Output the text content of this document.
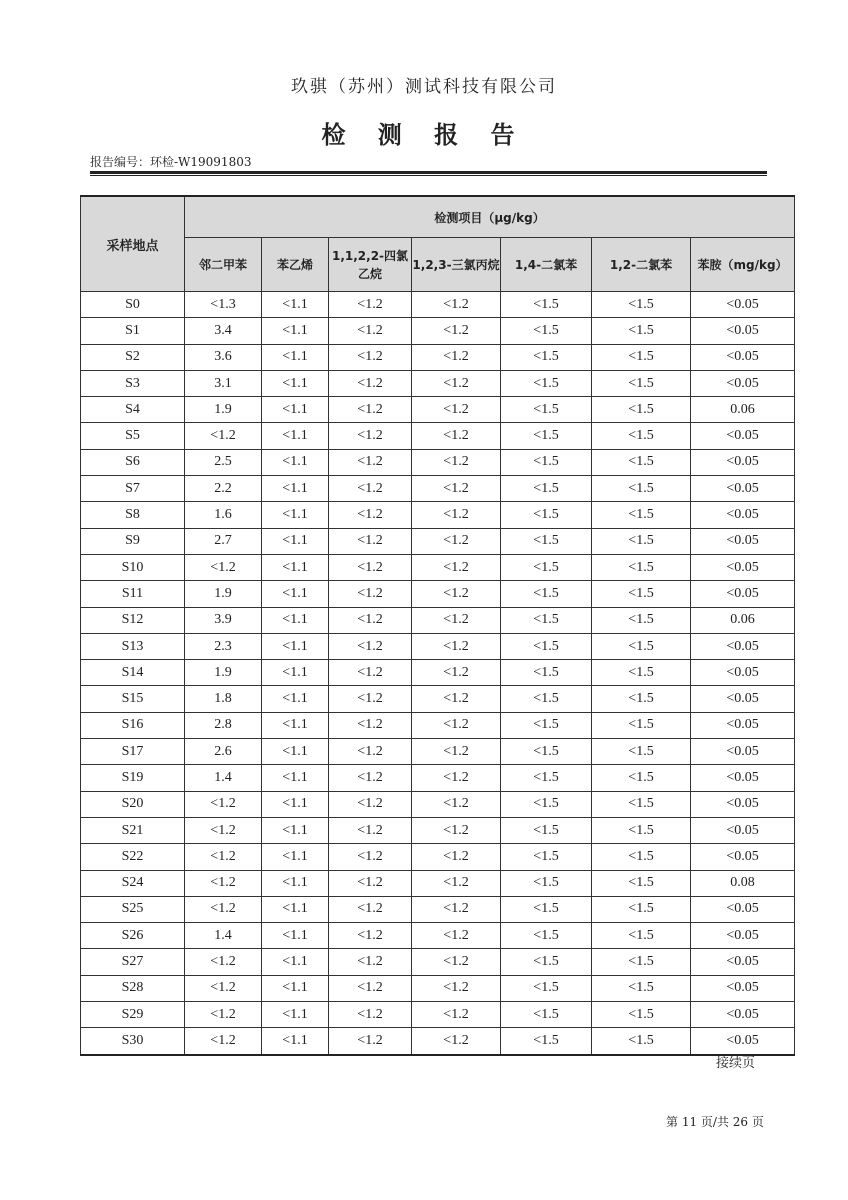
玖骐（苏州）测试科技有限公司
检 测 报 告
报告编号：环检-W19091803
采样地点	检测项目（μg/kg）						
	邻二甲苯	苯乙烯	1,1,2,2-四氯乙烷	1,2,3-三氯丙烷	1,4-二氯苯	1,2-二氯苯	苯胺（mg/kg）
S0	<1.3	<1.1	<1.2	<1.2	<1.5	<1.5	<0.05
S1	3.4	<1.1	<1.2	<1.2	<1.5	<1.5	<0.05
S2	3.6	<1.1	<1.2	<1.2	<1.5	<1.5	<0.05
S3	3.1	<1.1	<1.2	<1.2	<1.5	<1.5	<0.05
S4	1.9	<1.1	<1.2	<1.2	<1.5	<1.5	0.06
S5	<1.2	<1.1	<1.2	<1.2	<1.5	<1.5	<0.05
S6	2.5	<1.1	<1.2	<1.2	<1.5	<1.5	<0.05
S7	2.2	<1.1	<1.2	<1.2	<1.5	<1.5	<0.05
S8	1.6	<1.1	<1.2	<1.2	<1.5	<1.5	<0.05
S9	2.7	<1.1	<1.2	<1.2	<1.5	<1.5	<0.05
S10	<1.2	<1.1	<1.2	<1.2	<1.5	<1.5	<0.05
S11	1.9	<1.1	<1.2	<1.2	<1.5	<1.5	<0.05
S12	3.9	<1.1	<1.2	<1.2	<1.5	<1.5	0.06
S13	2.3	<1.1	<1.2	<1.2	<1.5	<1.5	<0.05
S14	1.9	<1.1	<1.2	<1.2	<1.5	<1.5	<0.05
S15	1.8	<1.1	<1.2	<1.2	<1.5	<1.5	<0.05
S16	2.8	<1.1	<1.2	<1.2	<1.5	<1.5	<0.05
S17	2.6	<1.1	<1.2	<1.2	<1.5	<1.5	<0.05
S19	1.4	<1.1	<1.2	<1.2	<1.5	<1.5	<0.05
S20	<1.2	<1.1	<1.2	<1.2	<1.5	<1.5	<0.05
S21	<1.2	<1.1	<1.2	<1.2	<1.5	<1.5	<0.05
S22	<1.2	<1.1	<1.2	<1.2	<1.5	<1.5	<0.05
S24	<1.2	<1.1	<1.2	<1.2	<1.5	<1.5	0.08
S25	<1.2	<1.1	<1.2	<1.2	<1.5	<1.5	<0.05
S26	1.4	<1.1	<1.2	<1.2	<1.5	<1.5	<0.05
S27	<1.2	<1.1	<1.2	<1.2	<1.5	<1.5	<0.05
S28	<1.2	<1.1	<1.2	<1.2	<1.5	<1.5	<0.05
S29	<1.2	<1.1	<1.2	<1.2	<1.5	<1.5	<0.05
S30	<1.2	<1.1	<1.2	<1.2	<1.5	<1.5	<0.05
接续页
第 11 页/共 26 页
